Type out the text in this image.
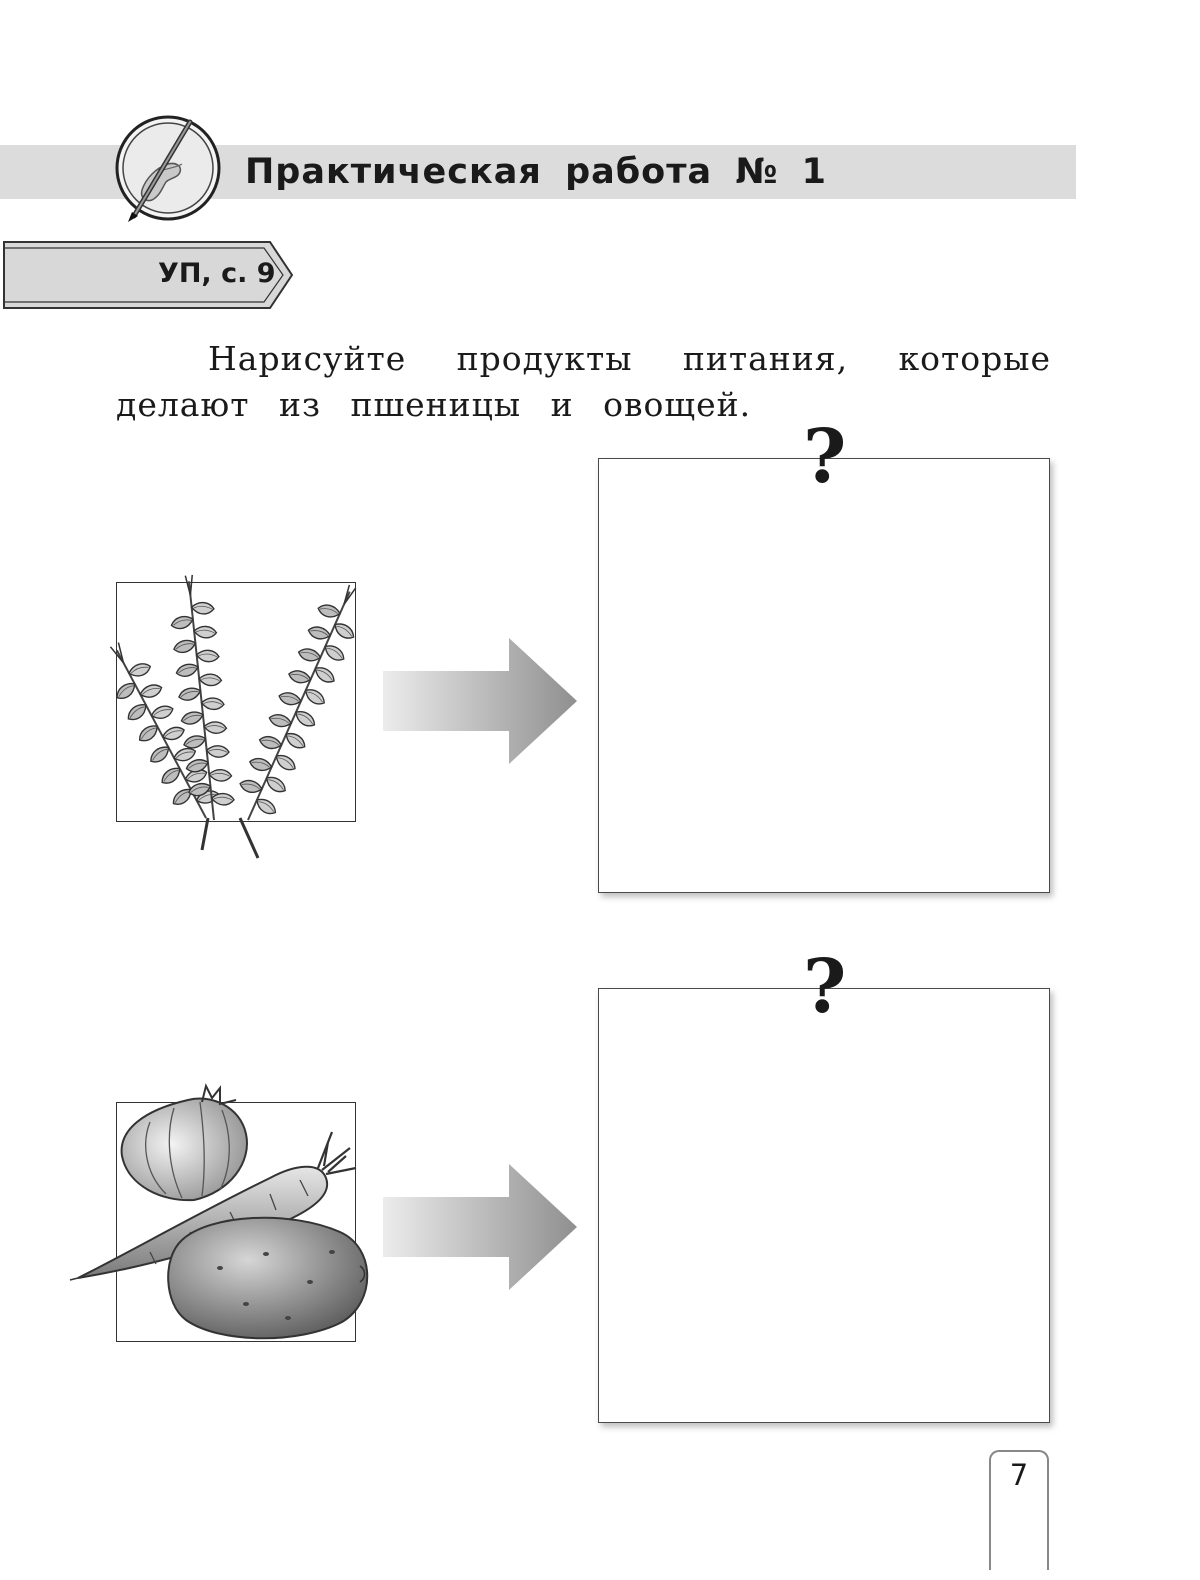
Практическая работа № 1
УП, с. 9

Нарисуйте продукты питания, которые делают из пшеницы и овощей.

?
?
7
